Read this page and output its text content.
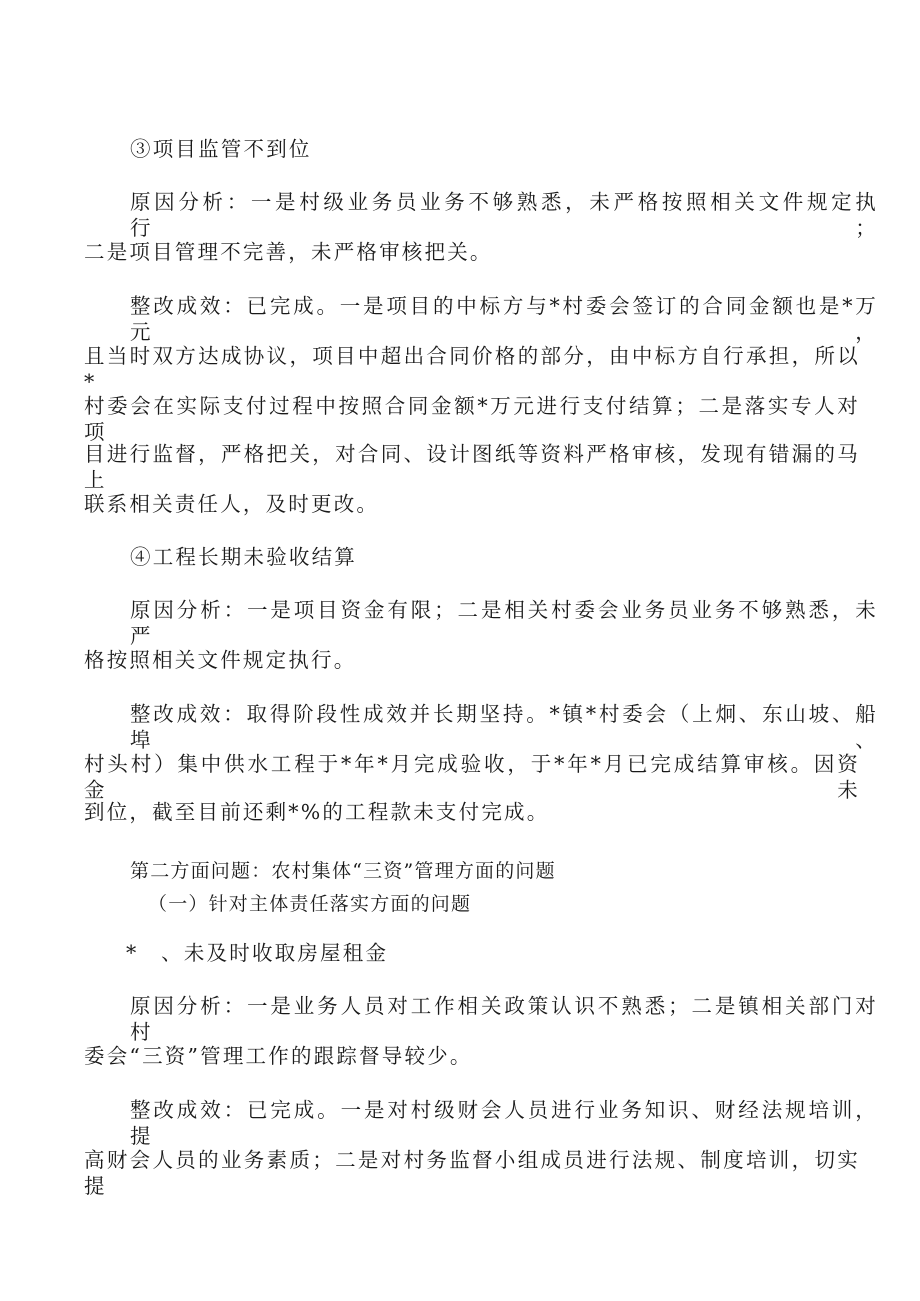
③项目监管不到位
原因分析：一是村级业务员业务不够熟悉，未严格按照相关文件规定执行；
二是项目管理不完善，未严格审核把关。
整改成效：已完成。一是项目的中标方与*村委会签订的合同金额也是*万元，
且当时双方达成协议，项目中超出合同价格的部分，由中标方自行承担，所以*
村委会在实际支付过程中按照合同金额*万元进行支付结算；二是落实专人对项
目进行监督，严格把关，对合同、设计图纸等资料严格审核，发现有错漏的马上
联系相关责任人，及时更改。
④工程长期未验收结算
原因分析：一是项目资金有限；二是相关村委会业务员业务不够熟悉，未严
格按照相关文件规定执行。
整改成效：取得阶段性成效并长期坚持。*镇*村委会（上炯、东山坡、船埠、
村头村）集中供水工程于*年*月完成验收，于*年*月已完成结算审核。因资金未
到位，截至目前还剩*%的工程款未支付完成。
第二方面问题：农村集体“三资”管理方面的问题
（一）针对主体责任落实方面的问题
*　、未及时收取房屋租金
原因分析：一是业务人员对工作相关政策认识不熟悉；二是镇相关部门对村
委会“三资”管理工作的跟踪督导较少。
整改成效：已完成。一是对村级财会人员进行业务知识、财经法规培训，提
高财会人员的业务素质；二是对村务监督小组成员进行法规、制度培训，切实提
